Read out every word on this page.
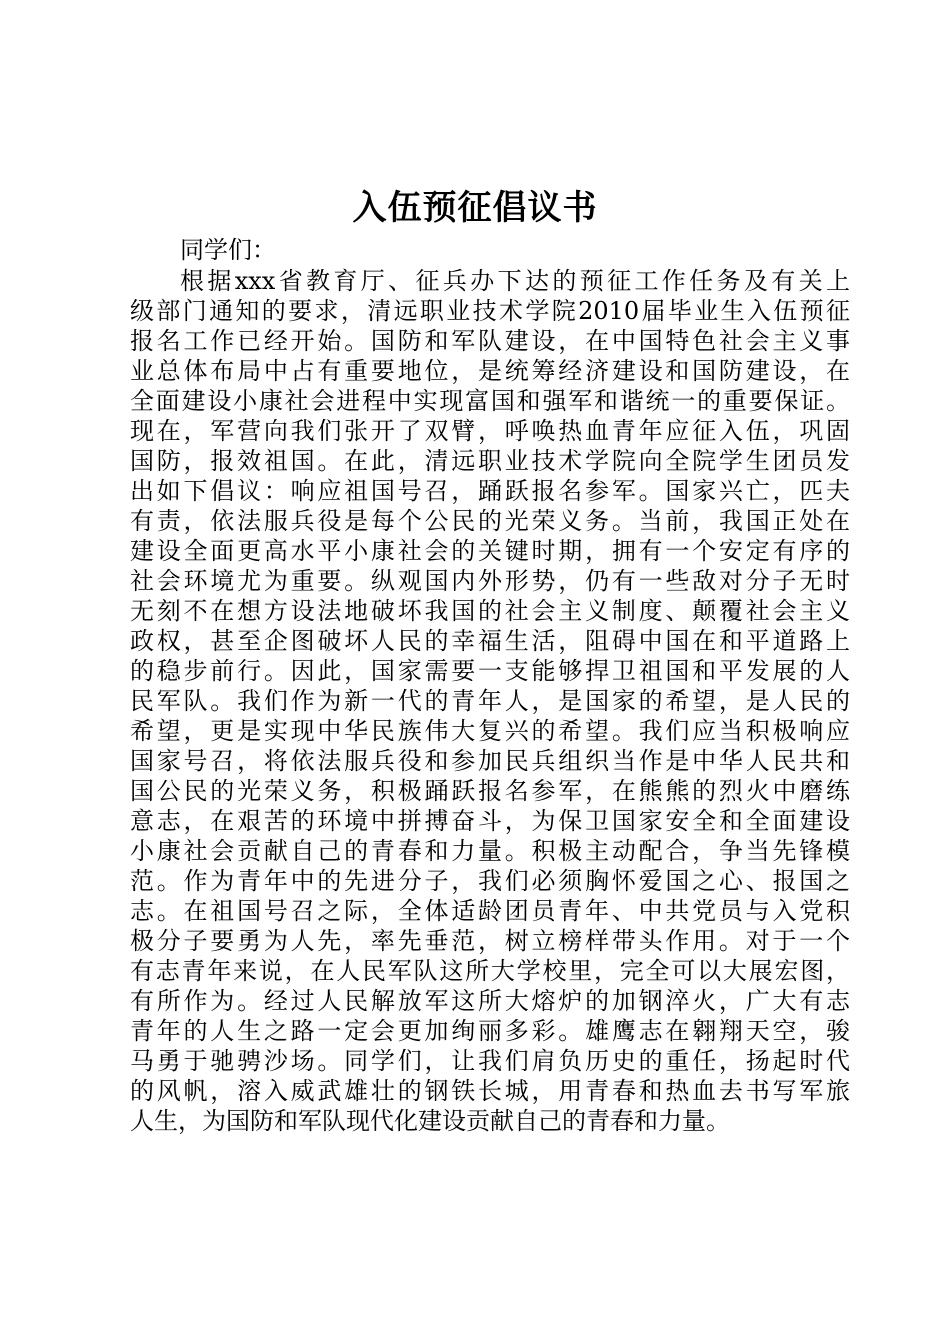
入伍预征倡议书
同学们：
根据xxx省教育厅、征兵办下达的预征工作任务及有关上
级部门通知的要求，清远职业技术学院2010届毕业生入伍预征
报名工作已经开始。国防和军队建设，在中国特色社会主义事
业总体布局中占有重要地位，是统筹经济建设和国防建设，在
全面建设小康社会进程中实现富国和强军和谐统一的重要保证。
现在，军营向我们张开了双臂，呼唤热血青年应征入伍，巩固
国防，报效祖国。在此，清远职业技术学院向全院学生团员发
出如下倡议：响应祖国号召，踊跃报名参军。国家兴亡，匹夫
有责，依法服兵役是每个公民的光荣义务。当前，我国正处在
建设全面更高水平小康社会的关键时期，拥有一个安定有序的
社会环境尤为重要。纵观国内外形势，仍有一些敌对分子无时
无刻不在想方设法地破坏我国的社会主义制度、颠覆社会主义
政权，甚至企图破坏人民的幸福生活，阻碍中国在和平道路上
的稳步前行。因此，国家需要一支能够捍卫祖国和平发展的人
民军队。我们作为新一代的青年人，是国家的希望，是人民的
希望，更是实现中华民族伟大复兴的希望。我们应当积极响应
国家号召，将依法服兵役和参加民兵组织当作是中华人民共和
国公民的光荣义务，积极踊跃报名参军，在熊熊的烈火中磨练
意志，在艰苦的环境中拼搏奋斗，为保卫国家安全和全面建设
小康社会贡献自己的青春和力量。积极主动配合，争当先锋模
范。作为青年中的先进分子，我们必须胸怀爱国之心、报国之
志。在祖国号召之际，全体适龄团员青年、中共党员与入党积
极分子要勇为人先，率先垂范，树立榜样带头作用。对于一个
有志青年来说，在人民军队这所大学校里，完全可以大展宏图，
有所作为。经过人民解放军这所大熔炉的加钢淬火，广大有志
青年的人生之路一定会更加绚丽多彩。雄鹰志在翱翔天空，骏
马勇于驰骋沙场。同学们，让我们肩负历史的重任，扬起时代
的风帆，溶入威武雄壮的钢铁长城，用青春和热血去书写军旅
人生，为国防和军队现代化建设贡献自己的青春和力量。
